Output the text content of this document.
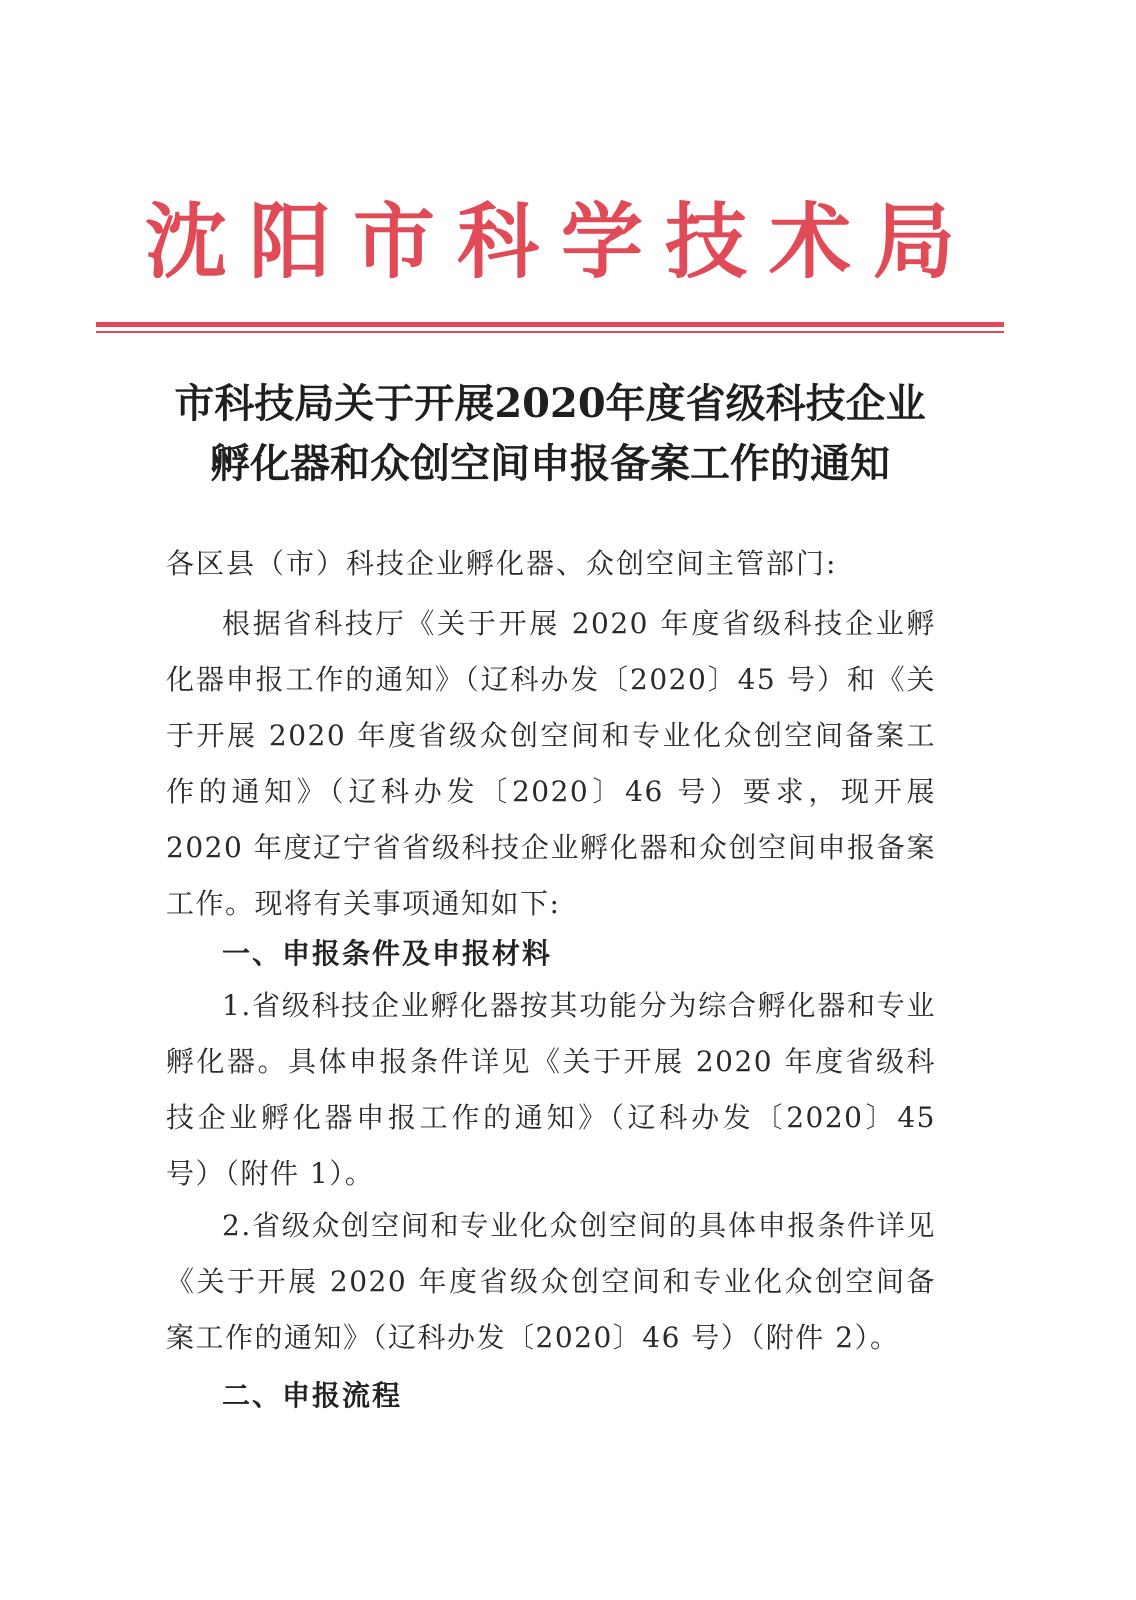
沈阳市科学技术局
市科技局关于开展2020年度省级科技企业
孵化器和众创空间申报备案工作的通知
各区县（市）科技企业孵化器、众创空间主管部门:
根据省科技厅《关于开展 2020 年度省级科技企业孵化器申报工作的通知》（辽科办发〔2020〕45 号）和《关于开展 2020 年度省级众创空间和专业化众创空间备案工作的通知》（辽科办发〔2020〕46 号）要求，现开展 2020 年度辽宁省省级科技企业孵化器和众创空间申报备案工作。现将有关事项通知如下:
一、申报条件及申报材料
1.省级科技企业孵化器按其功能分为综合孵化器和专业孵化器。具体申报条件详见《关于开展 2020 年度省级科技企业孵化器申报工作的通知》（辽科办发〔2020〕45 号）（附件 1）。
2.省级众创空间和专业化众创空间的具体申报条件详见《关于开展 2020 年度省级众创空间和专业化众创空间备案工作的通知》（辽科办发〔2020〕46 号）（附件 2）。
二、申报流程
